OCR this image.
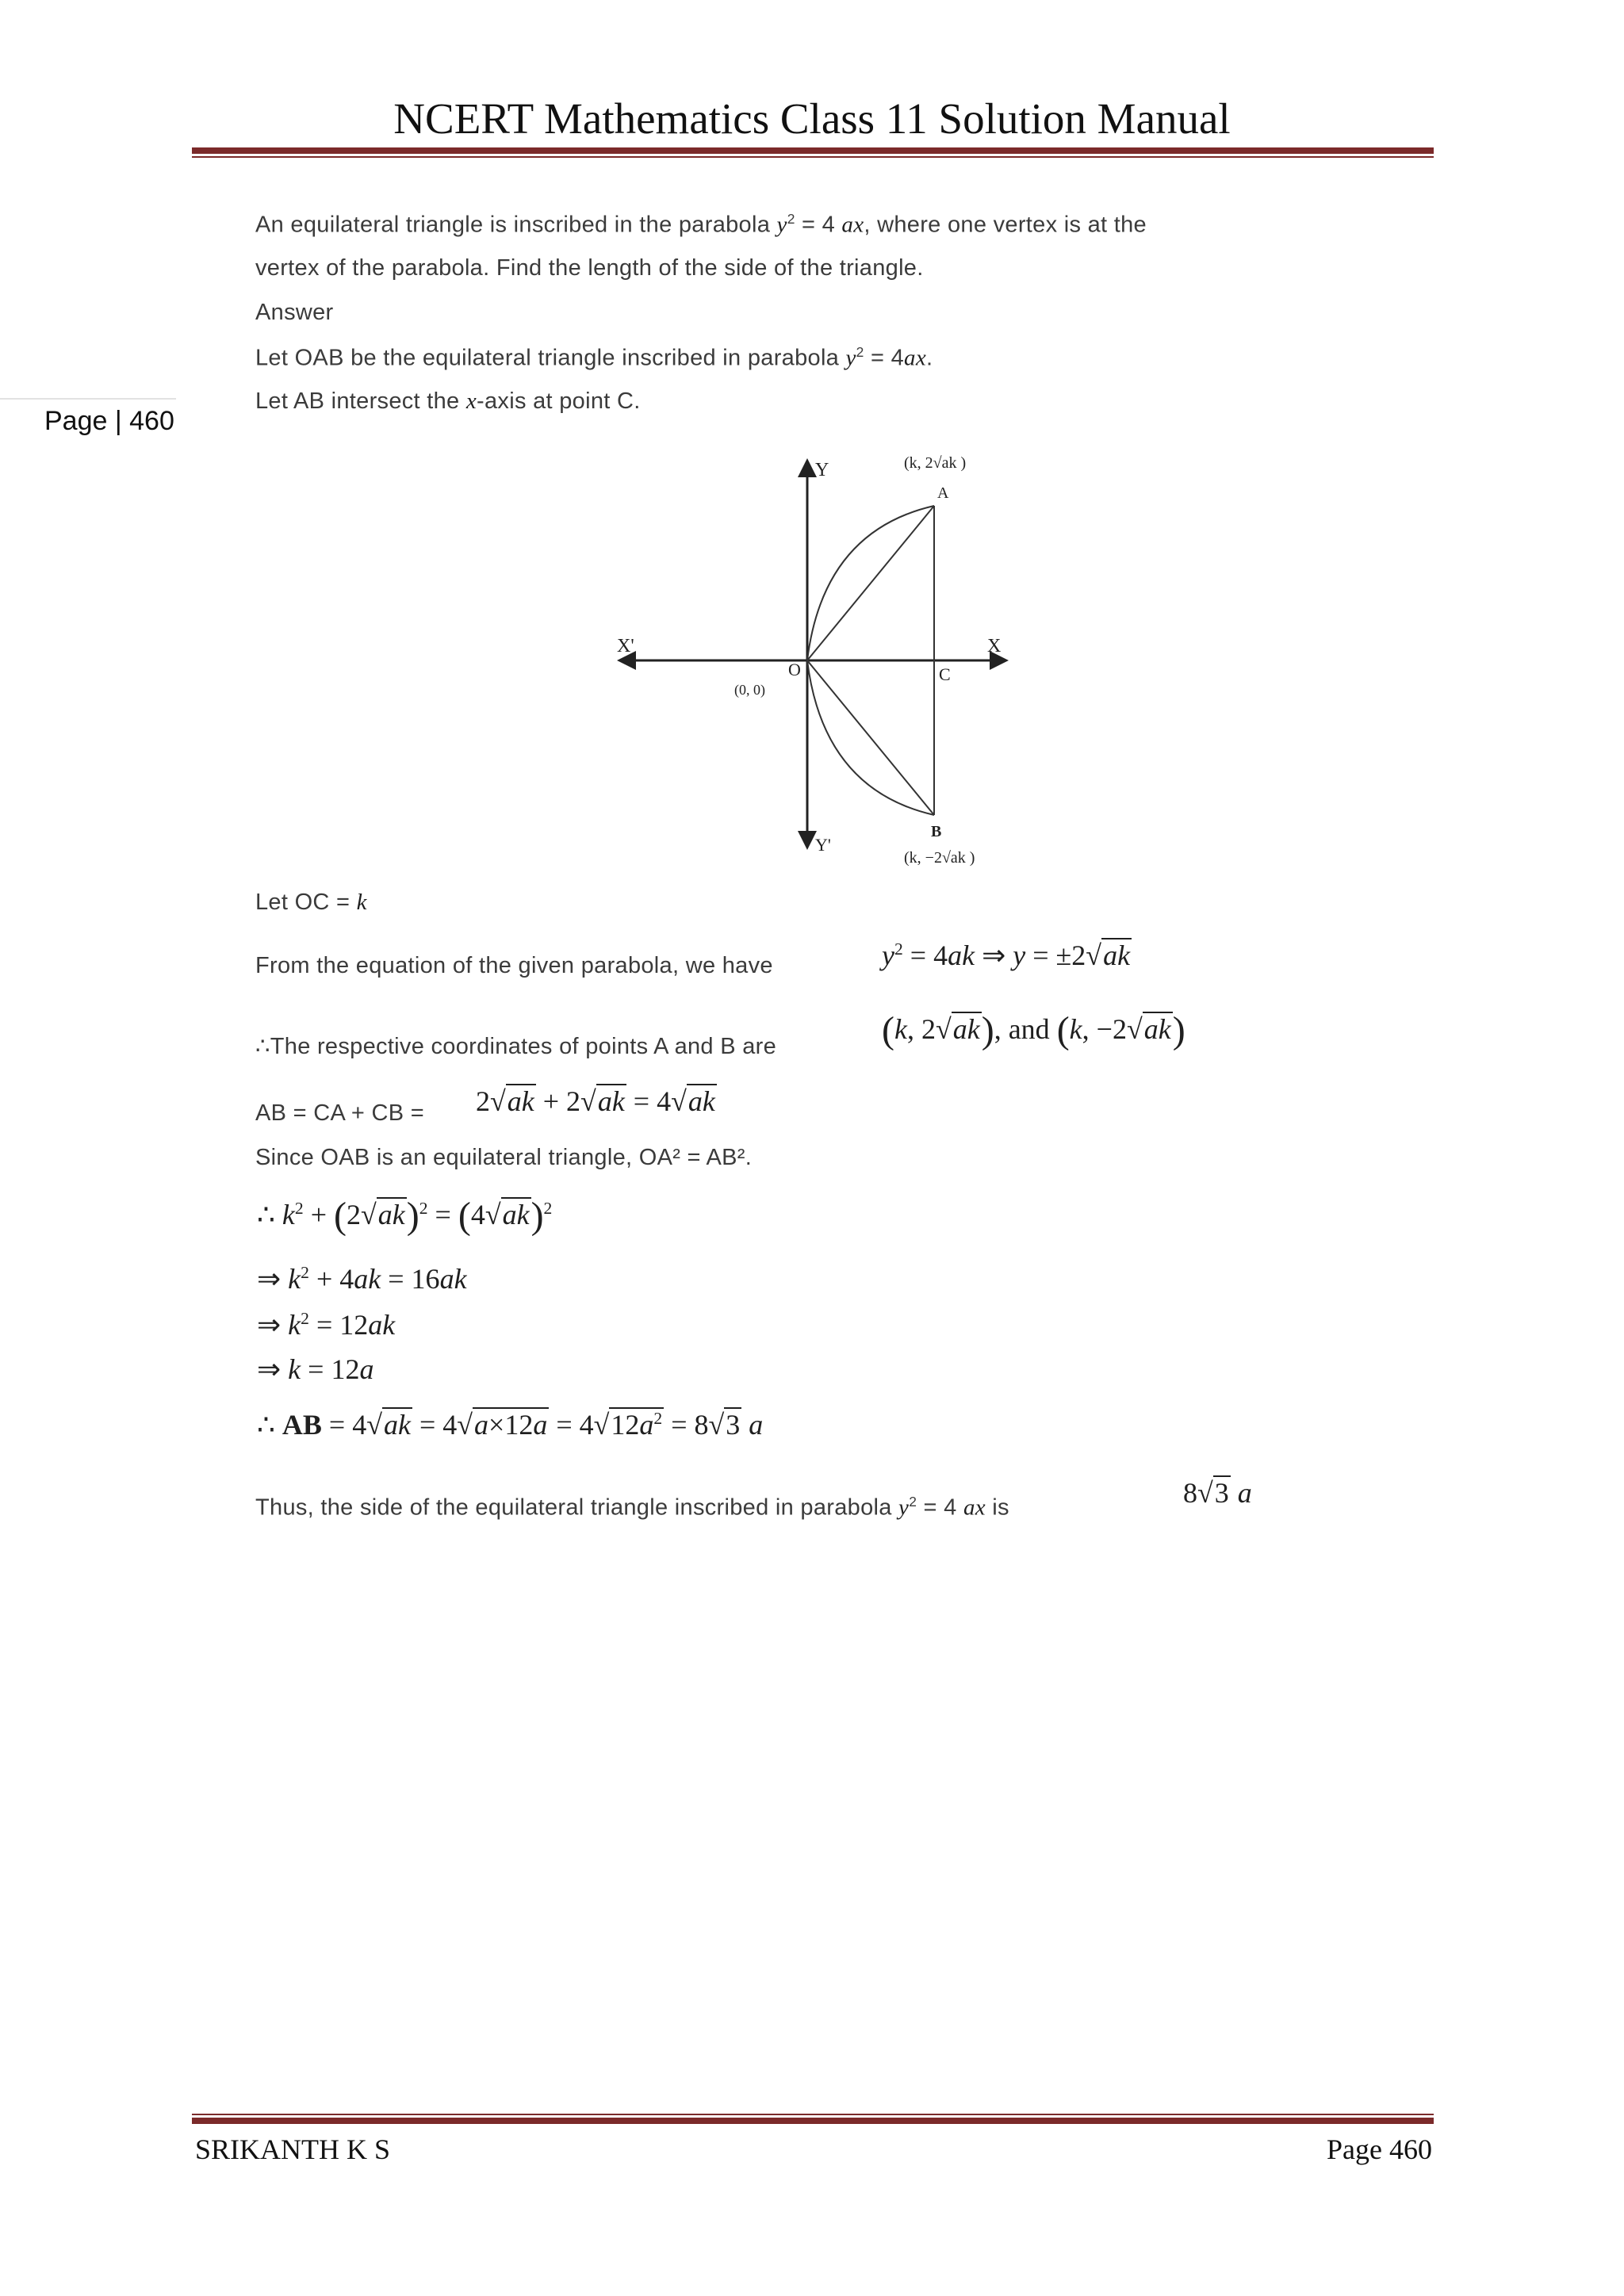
NCERT Mathematics Class 11 Solution Manual
Page | 460
An equilateral triangle is inscribed in the parabola $y^2 = 4$ ax, where one vertex is at the
vertex of the parabola. Find the length of the side of the triangle.
Answer
Let OAB be the equilateral triangle inscribed in parabola $y^2 = 4ax$.
Let AB intersect the x-axis at point C.
Let OC = k
From the equation of the given parabola, we have	$y^2 = 4ak$ ⇒ y = ±2√ak
∴The respective coordinates of points A and B are	(k, 2√ak), and (k, −2√ak)
AB = CA + CB = 2√ak + 2√ak = 4√ak
Since OAB is an equilateral triangle, OA² = AB².
∴ $k^2 + (2√ak)^2 = (4√ak)^2$
⇒ $k^2 + 4ak = 16ak$
⇒ $k^2 = 12ak$
⇒ k = 12a
∴ AB = $4√ak = 4√a\times 12a = 4√12a^2 = 8√3$ a
Thus, the side of the equilateral triangle inscribed in parabola $y^2 = 4$ ax is	8√3 a
Y
Y'
X
X'
O
(0, 0)
A
C
B
(k, 2√ak )
(k, −2√ak )
SRIKANTH K S	Page 460
